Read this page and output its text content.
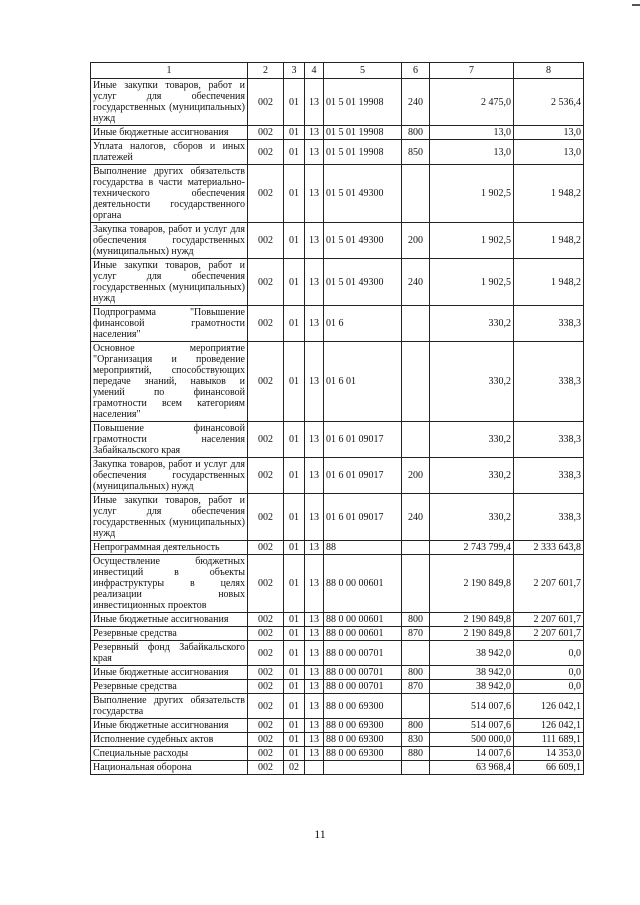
1	2	3	4	5	6	7	8
Иные закупки товаров, работ и услуг для обеспечения государственных (муниципальных) нужд	002	01	13	01 5 01 19908	240	2 475,0	2 536,4
Иные бюджетные ассигнования	002	01	13	01 5 01 19908	800	13,0	13,0
Уплата налогов, сборов и иных платежей	002	01	13	01 5 01 19908	850	13,0	13,0
Выполнение других обязательств государства в части материально-технического обеспечения деятельности государственного органа	002	01	13	01 5 01 49300		1 902,5	1 948,2
Закупка товаров, работ и услуг для обеспечения государственных (муниципальных) нужд	002	01	13	01 5 01 49300	200	1 902,5	1 948,2
Иные закупки товаров, работ и услуг для обеспечения государственных (муниципальных) нужд	002	01	13	01 5 01 49300	240	1 902,5	1 948,2
Подпрограмма "Повышение финансовой грамотности населения"	002	01	13	01 6		330,2	338,3
Основное мероприятие "Организация и проведение мероприятий, способствующих передаче знаний, навыков и умений по финансовой грамотности всем категориям населения"	002	01	13	01 6 01		330,2	338,3
Повышение финансовой грамотности населения Забайкальского края	002	01	13	01 6 01 09017		330,2	338,3
Закупка товаров, работ и услуг для обеспечения государственных (муниципальных) нужд	002	01	13	01 6 01 09017	200	330,2	338,3
Иные закупки товаров, работ и услуг для обеспечения государственных (муниципальных) нужд	002	01	13	01 6 01 09017	240	330,2	338,3
Непрограммная деятельность	002	01	13	88		2 743 799,4	2 333 643,8
Осуществление бюджетных инвестиций в объекты инфраструктуры в целях реализации новых инвестиционных проектов	002	01	13	88 0 00 00601		2 190 849,8	2 207 601,7
Иные бюджетные ассигнования	002	01	13	88 0 00 00601	800	2 190 849,8	2 207 601,7
Резервные средства	002	01	13	88 0 00 00601	870	2 190 849,8	2 207 601,7
Резервный фонд Забайкальского края	002	01	13	88 0 00 00701		38 942,0	0,0
Иные бюджетные ассигнования	002	01	13	88 0 00 00701	800	38 942,0	0,0
Резервные средства	002	01	13	88 0 00 00701	870	38 942,0	0,0
Выполнение других обязательств государства	002	01	13	88 0 00 69300		514 007,6	126 042,1
Иные бюджетные ассигнования	002	01	13	88 0 00 69300	800	514 007,6	126 042,1
Исполнение судебных актов	002	01	13	88 0 00 69300	830	500 000,0	111 689,1
Специальные расходы	002	01	13	88 0 00 69300	880	14 007,6	14 353,0
Национальная оборона	002	02				63 968,4	66 609,1
11
